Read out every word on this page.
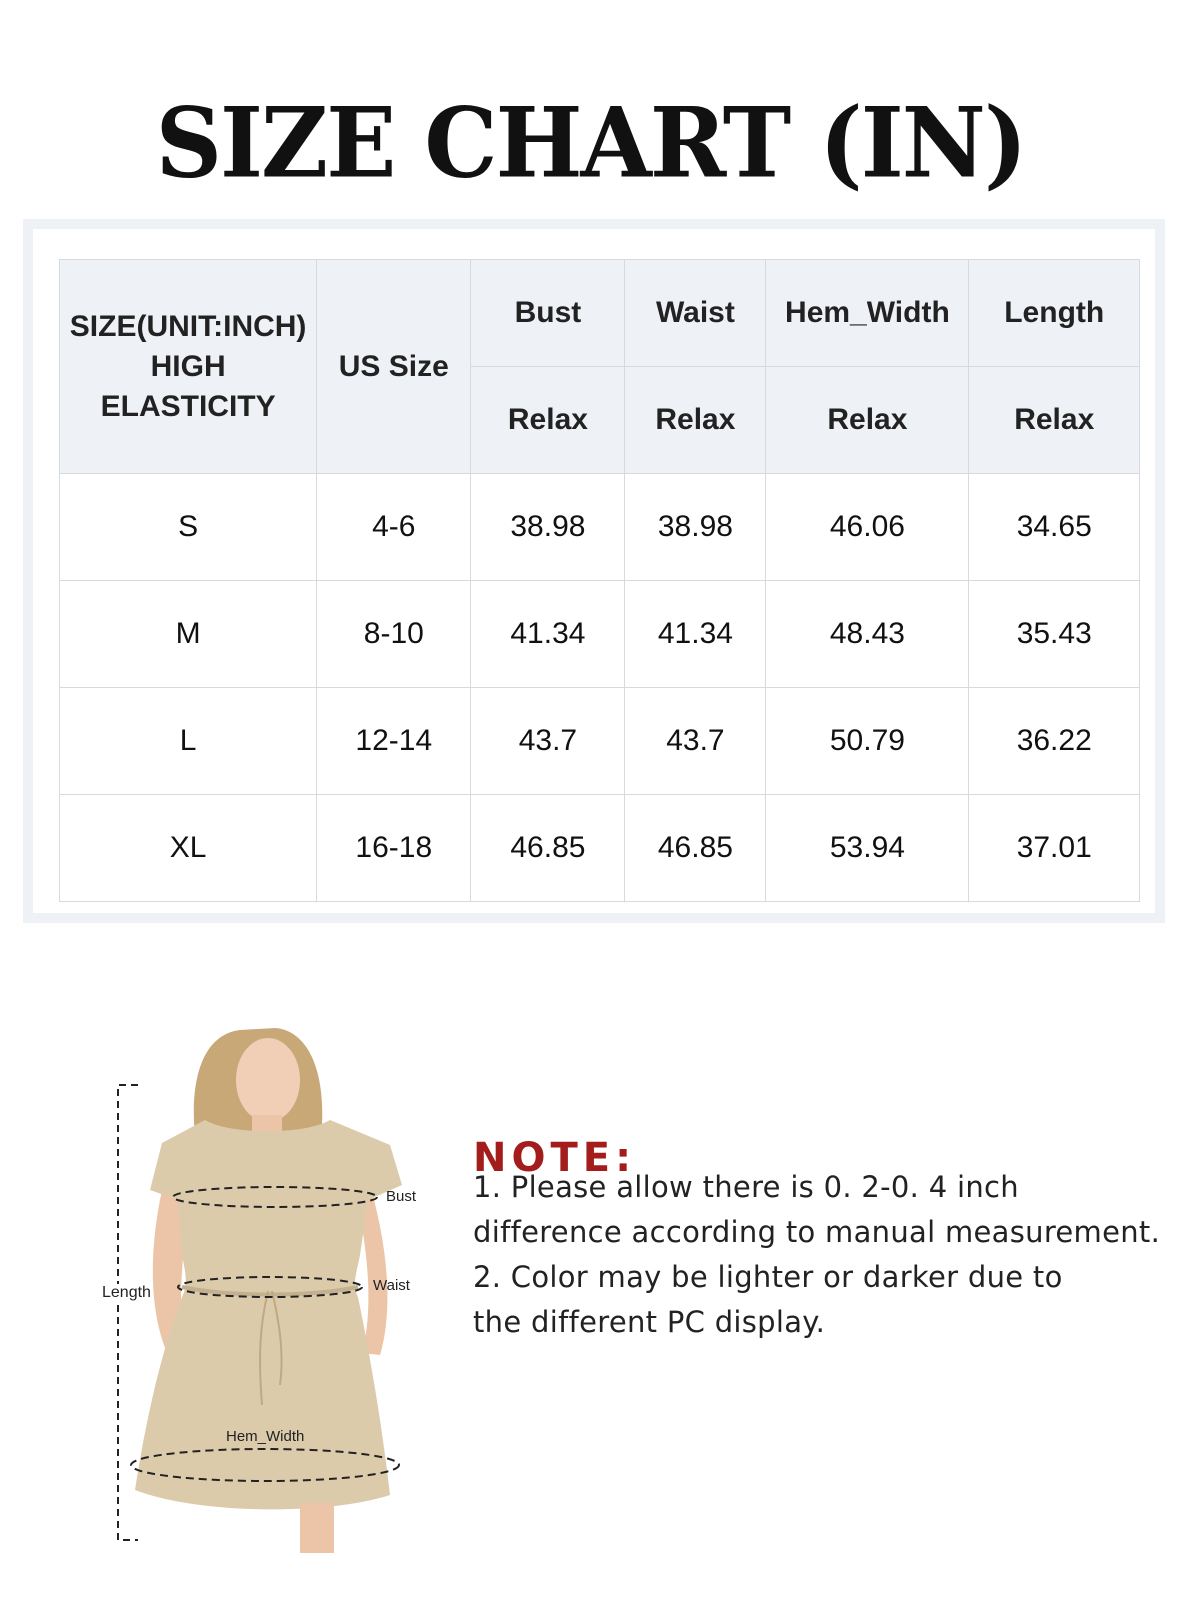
SIZE CHART (IN)
SIZE(UNIT:INCH)
HIGH
ELASTICITY	US Size	Bust	Waist	Hem_Width	Length
		Relax	Relax	Relax	Relax
S	4-6	38.98	38.98	46.06	34.65
M	8-10	41.34	41.34	48.43	35.43
L	12-14	43.7	43.7	50.79	36.22
XL	16-18	46.85	46.85	53.94	37.01
Bust
Waist
Length
Hem_Width
NOTE:
1. Please allow there is 0. 2-0. 4 inch
difference according to manual measurement.
2. Color may be lighter or darker due to
the different PC display.
